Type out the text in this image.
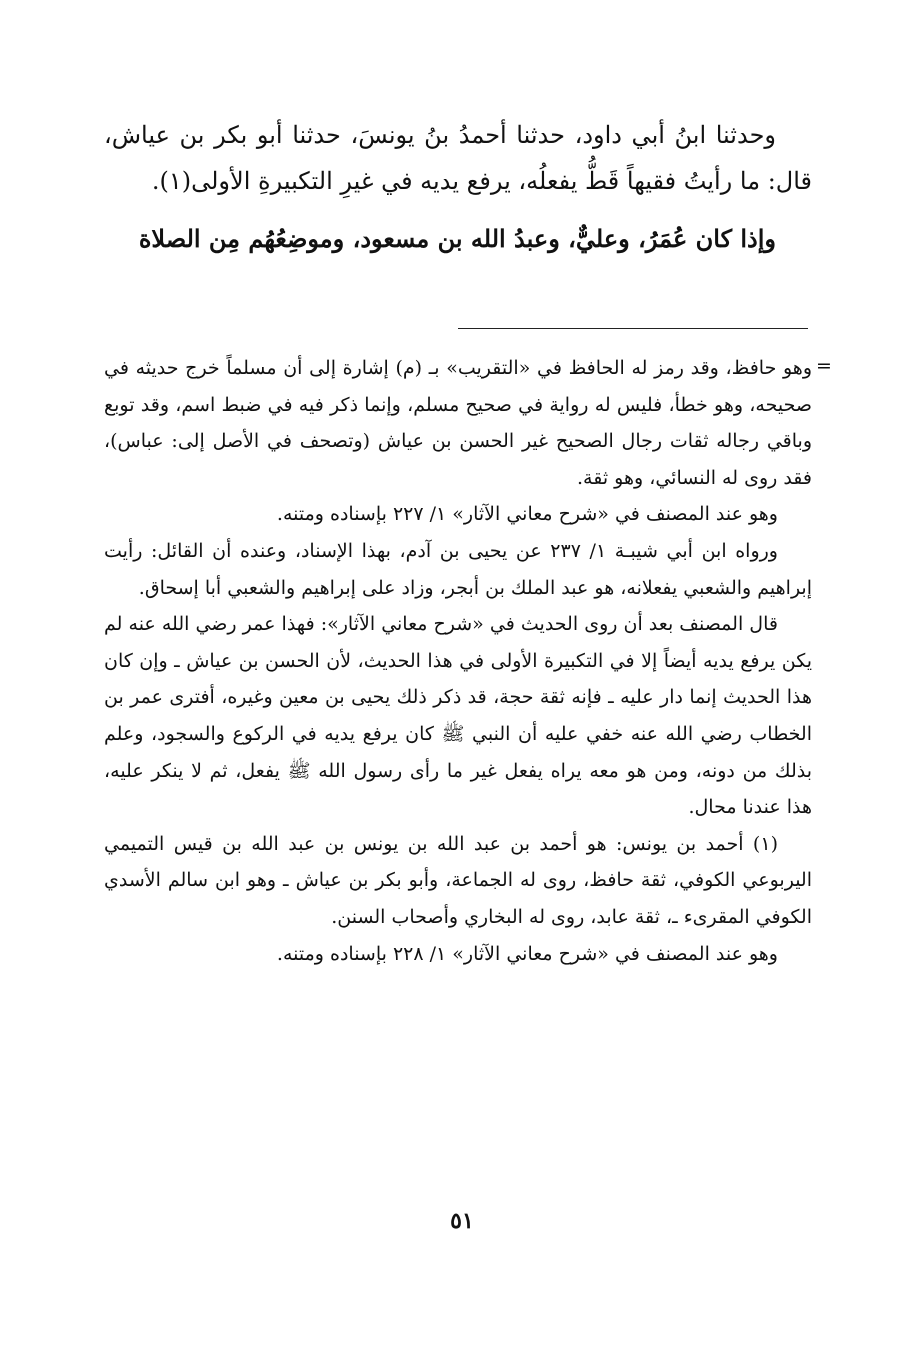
وحدثنا ابنُ أبي داود، حدثنا أحمدُ بنُ يونسَ، حدثنا أبو بكر بن عياش، قال: ما رأيتُ فقيهاً قَطُّ يفعلُه، يرفع يديه في غيرِ التكبيرةِ الأولى(١).

وإذا كان عُمَرُ، وعليٌّ، وعبدُ الله بن مسعود، وموضِعُهُم مِن الصلاة

=

وهو حافظ، وقد رمز له الحافظ في «التقريب» بـ (م) إشارة إلى أن مسلماً خرج حديثه في صحيحه، وهو خطأ، فليس له رواية في صحيح مسلم، وإنما ذكر فيه في ضبط اسم، وقد توبع وباقي رجاله ثقات رجال الصحيح غير الحسن بن عياش (وتصحف في الأصل إلى: عباس)، فقد روى له النسائي، وهو ثقة.

وهو عند المصنف في «شرح معاني الآثار» ١/ ٢٢٧ بإسناده ومتنه.

ورواه ابن أبي شيبـة ١/ ٢٣٧ عن يحيى بن آدم، بهذا الإسناد، وعنده أن القائل: رأيت إبراهيم والشعبي يفعلانه، هو عبد الملك بن أبجر، وزاد على إبراهيم والشعبي أبا إسحاق.

قال المصنف بعد أن روى الحديث في «شرح معاني الآثار»: فهذا عمر رضي الله عنه لم يكن يرفع يديه أيضاً إلا في التكبيرة الأولى في هذا الحديث، لأن الحسن بن عياش ـ وإن كان هذا الحديث إنما دار عليه ـ فإنه ثقة حجة، قد ذكر ذلك يحيى بن معين وغيره، أفترى عمر بن الخطاب رضي الله عنه خفي عليه أن النبي ﷺ كان يرفع يديه في الركوع والسجود، وعلم بذلك من دونه، ومن هو معه يراه يفعل غير ما رأى رسول الله ﷺ يفعل، ثم لا ينكر عليه، هذا عندنا محال.

(١) أحمد بن يونس: هو أحمد بن عبد الله بن يونس بن عبد الله بن قيس التميمي اليربوعي الكوفي، ثقة حافظ، روى له الجماعة، وأبو بكر بن عياش ـ وهو ابن سالم الأسدي الكوفي المقرىء ـ، ثقة عابد، روى له البخاري وأصحاب السنن.

وهو عند المصنف في «شرح معاني الآثار» ١/ ٢٢٨ بإسناده ومتنه.

٥١
